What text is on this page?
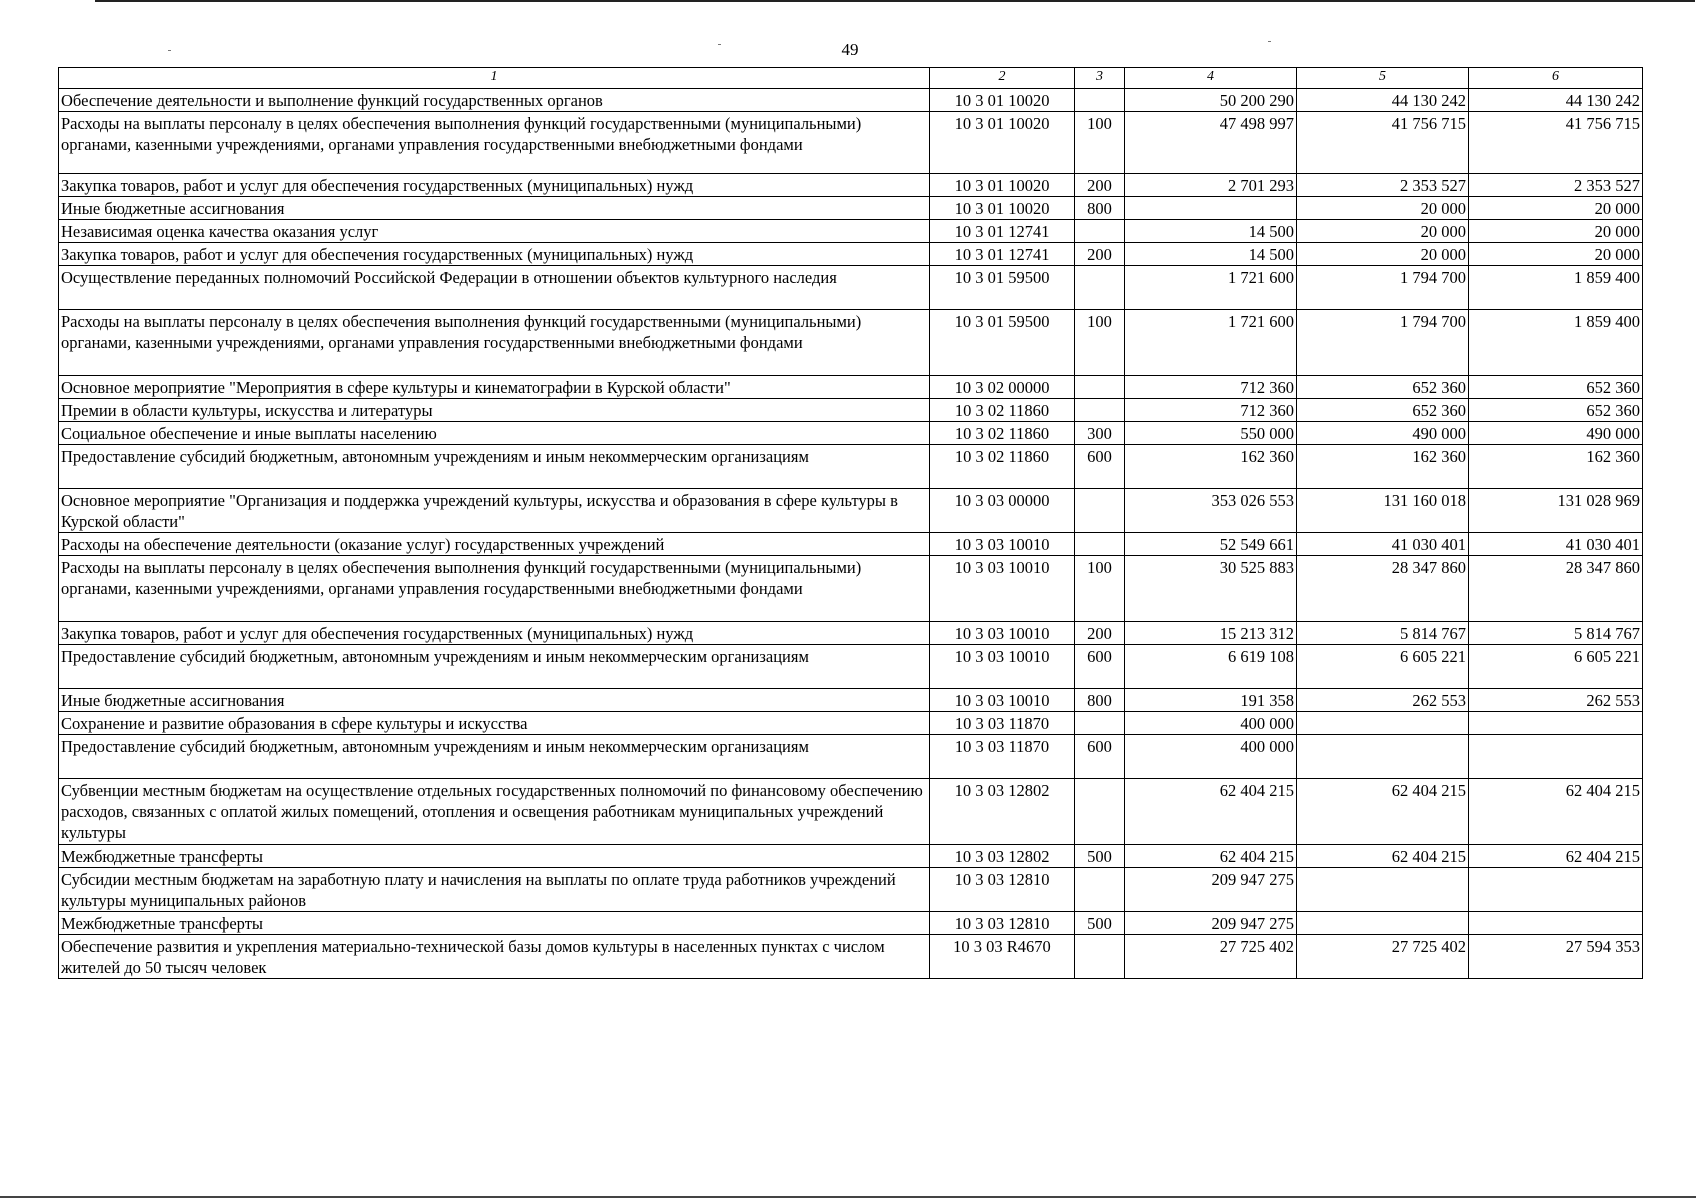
49
1	2	3	4	5	6
Обеспечение деятельности и выполнение функций государственных органов	10 3 01 10020		50 200 290	44 130 242	44 130 242
Расходы на выплаты персоналу в целях обеспечения выполнения функций государственными (муниципальными) органами, казенными учреждениями, органами управления государственными внебюджетными фондами	10 3 01 10020	100	47 498 997	41 756 715	41 756 715
Закупка товаров, работ и услуг для обеспечения государственных (муниципальных) нужд	10 3 01 10020	200	2 701 293	2 353 527	2 353 527
Иные бюджетные ассигнования	10 3 01 10020	800		20 000	20 000
Независимая оценка качества оказания услуг	10 3 01 12741		14 500	20 000	20 000
Закупка товаров, работ и услуг для обеспечения государственных (муниципальных) нужд	10 3 01 12741	200	14 500	20 000	20 000
Осуществление переданных полномочий Российской Федерации в отношении объектов культурного наследия	10 3 01 59500		1 721 600	1 794 700	1 859 400
Расходы на выплаты персоналу в целях обеспечения выполнения функций государственными (муниципальными) органами, казенными учреждениями, органами управления государственными внебюджетными фондами	10 3 01 59500	100	1 721 600	1 794 700	1 859 400
Основное мероприятие "Мероприятия в сфере культуры и кинематографии в Курской области"	10 3 02 00000		712 360	652 360	652 360
Премии в области культуры, искусства и литературы	10 3 02 11860		712 360	652 360	652 360
Социальное обеспечение и иные выплаты населению	10 3 02 11860	300	550 000	490 000	490 000
Предоставление субсидий бюджетным, автономным учреждениям и иным некоммерческим организациям	10 3 02 11860	600	162 360	162 360	162 360
Основное мероприятие "Организация и поддержка учреждений культуры, искусства и образования в сфере культуры в Курской области"	10 3 03 00000		353 026 553	131 160 018	131 028 969
Расходы на обеспечение деятельности (оказание услуг) государственных учреждений	10 3 03 10010		52 549 661	41 030 401	41 030 401
Расходы на выплаты персоналу в целях обеспечения выполнения функций государственными (муниципальными) органами, казенными учреждениями, органами управления государственными внебюджетными фондами	10 3 03 10010	100	30 525 883	28 347 860	28 347 860
Закупка товаров, работ и услуг для обеспечения государственных (муниципальных) нужд	10 3 03 10010	200	15 213 312	5 814 767	5 814 767
Предоставление субсидий бюджетным, автономным учреждениям и иным некоммерческим организациям	10 3 03 10010	600	6 619 108	6 605 221	6 605 221
Иные бюджетные ассигнования	10 3 03 10010	800	191 358	262 553	262 553
Сохранение и развитие образования в сфере культуры и искусства	10 3 03 11870		400 000		
Предоставление субсидий бюджетным, автономным учреждениям и иным некоммерческим организациям	10 3 03 11870	600	400 000		
Субвенции местным бюджетам на осуществление отдельных государственных полномочий по финансовому обеспечению расходов, связанных с оплатой жилых помещений, отопления и освещения работникам муниципальных учреждений культуры	10 3 03 12802		62 404 215	62 404 215	62 404 215
Межбюджетные трансферты	10 3 03 12802	500	62 404 215	62 404 215	62 404 215
Субсидии местным бюджетам на заработную плату и начисления на выплаты по оплате труда работников учреждений культуры муниципальных районов	10 3 03 12810		209 947 275		
Межбюджетные трансферты	10 3 03 12810	500	209 947 275		
Обеспечение развития и укрепления материально-технической базы домов культуры в населенных пунктах с числом жителей до 50 тысяч человек	10 3 03 R4670		27 725 402	27 725 402	27 594 353
